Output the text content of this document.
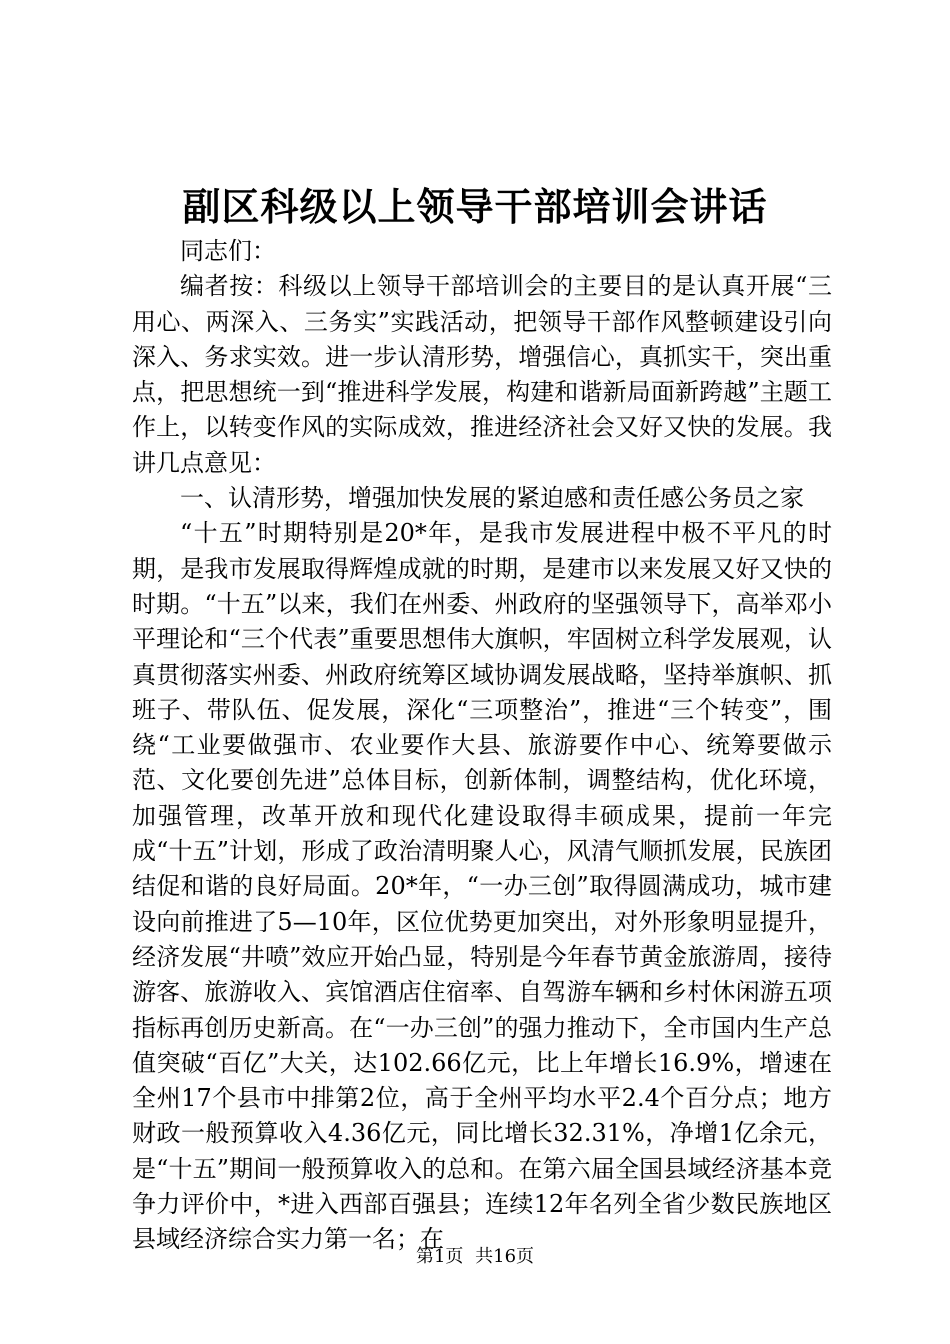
副区科级以上领导干部培训会讲话

同志们：

编者按：科级以上领导干部培训会的主要目的是认真开展“三用心、两深入、三务实”实践活动，把领导干部作风整顿建设引向深入、务求实效。进一步认清形势，增强信心，真抓实干，突出重点，把思想统一到“推进科学发展，构建和谐新局面新跨越”主题工作上，以转变作风的实际成效，推进经济社会又好又快的发展。我讲几点意见：

一、认清形势，增强加快发展的紧迫感和责任感公务员之家

“十五”时期特别是20*年，是我市发展进程中极不平凡的时期，是我市发展取得辉煌成就的时期，是建市以来发展又好又快的时期。“十五”以来，我们在州委、州政府的坚强领导下，高举邓小平理论和“三个代表”重要思想伟大旗帜，牢固树立科学发展观，认真贯彻落实州委、州政府统筹区域协调发展战略，坚持举旗帜、抓班子、带队伍、促发展，深化“三项整治”，推进“三个转变”，围绕“工业要做强市、农业要作大县、旅游要作中心、统筹要做示范、文化要创先进”总体目标，创新体制，调整结构，优化环境，加强管理，改革开放和现代化建设取得丰硕成果，提前一年完成“十五”计划，形成了政治清明聚人心，风清气顺抓发展，民族团结促和谐的良好局面。20*年，“一办三创”取得圆满成功，城市建设向前推进了5—10年，区位优势更加突出，对外形象明显提升，经济发展“井喷”效应开始凸显，特别是今年春节黄金旅游周，接待游客、旅游收入、宾馆酒店住宿率、自驾游车辆和乡村休闲游五项指标再创历史新高。在“一办三创”的强力推动下，全市国内生产总值突破“百亿”大关，达102.66亿元，比上年增长16.9%，增速在全州17个县市中排第2位，高于全州平均水平2.4个百分点；地方财政一般预算收入4.36亿元，同比增长32.31%，净增1亿余元，是“十五”期间一般预算收入的总和。在第六届全国县域经济基本竞争力评价中，*进入西部百强县；连续12年名列全省少数民族地区县域经济综合实力第一名；在

第1页 共16页
